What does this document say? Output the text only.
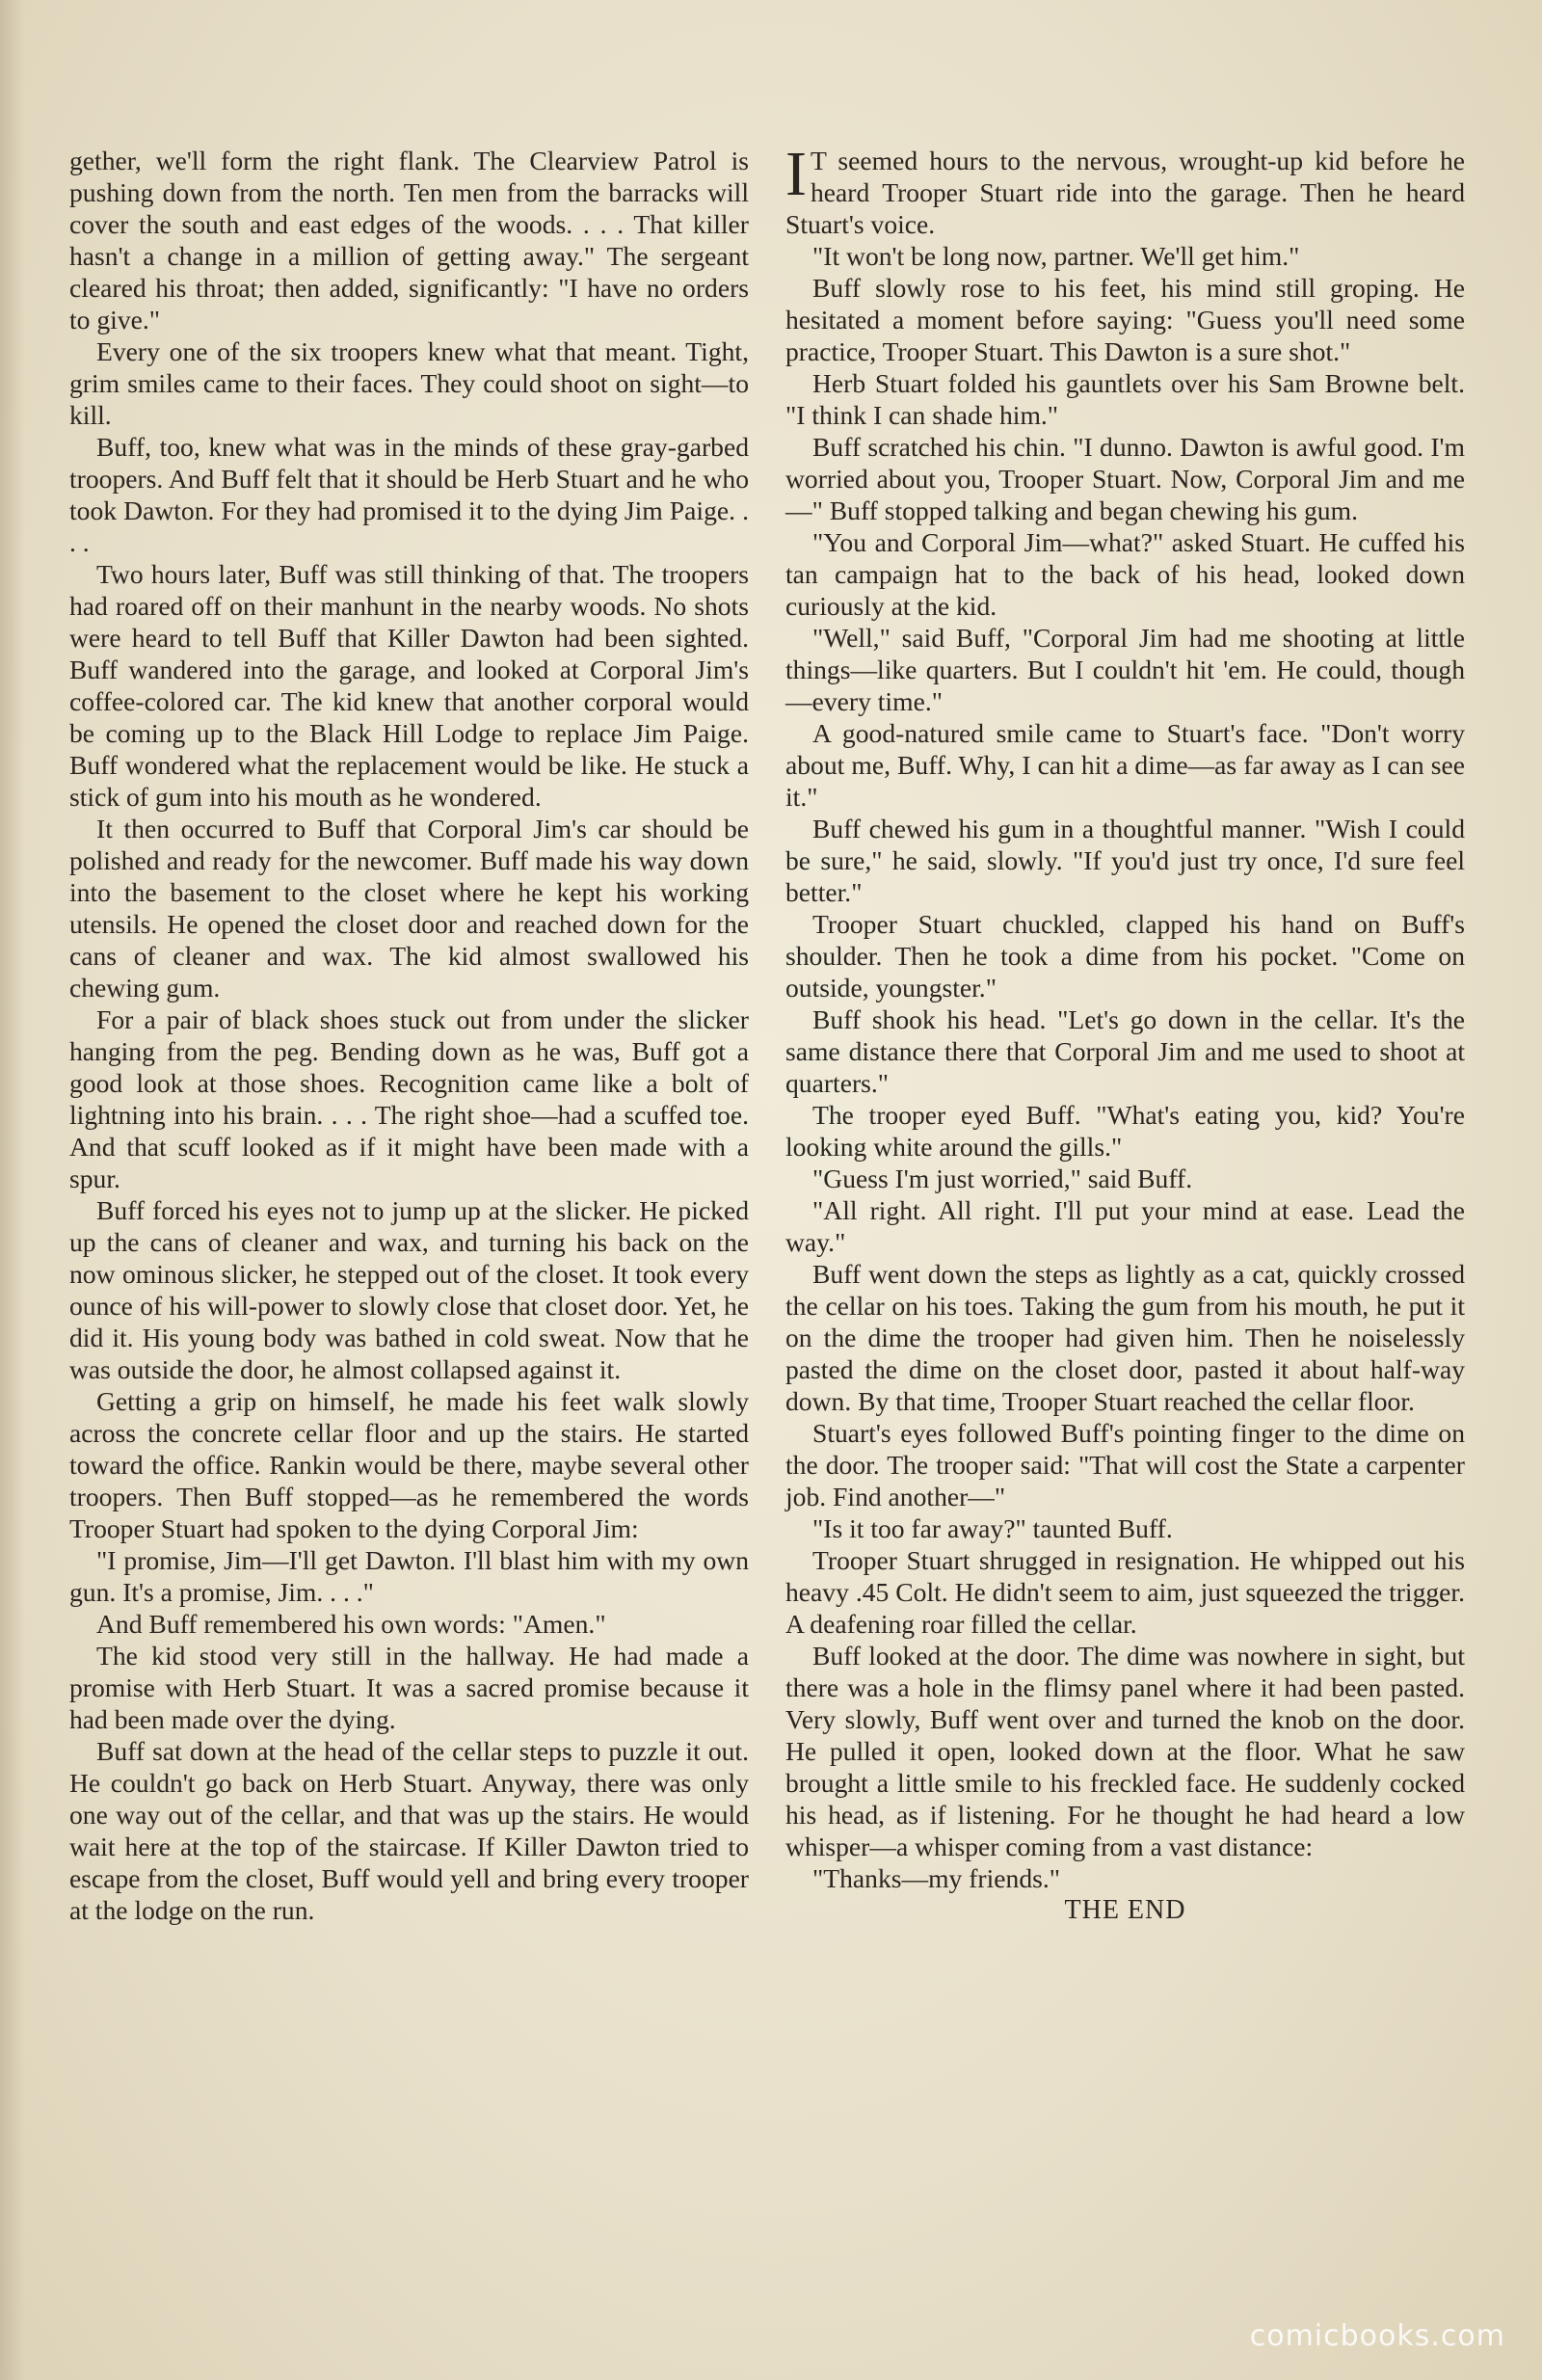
gether, we'll form the right flank. The Clearview Patrol is pushing down from the north. Ten men from the barracks will cover the south and east edges of the woods. . . . That killer hasn't a change in a million of getting away." The sergeant cleared his throat; then added, significantly: "I have no orders to give."

Every one of the six troopers knew what that meant. Tight, grim smiles came to their faces. They could shoot on sight—to kill.

Buff, too, knew what was in the minds of these gray-garbed troopers. And Buff felt that it should be Herb Stuart and he who took Dawton. For they had promised it to the dying Jim Paige. . . .

Two hours later, Buff was still thinking of that. The troopers had roared off on their manhunt in the nearby woods. No shots were heard to tell Buff that Killer Dawton had been sighted. Buff wandered into the garage, and looked at Corporal Jim's coffee-colored car. The kid knew that another corporal would be coming up to the Black Hill Lodge to replace Jim Paige. Buff wondered what the replacement would be like. He stuck a stick of gum into his mouth as he wondered.

It then occurred to Buff that Corporal Jim's car should be polished and ready for the newcomer. Buff made his way down into the basement to the closet where he kept his working utensils. He opened the closet door and reached down for the cans of cleaner and wax. The kid almost swallowed his chewing gum.

For a pair of black shoes stuck out from under the slicker hanging from the peg. Bending down as he was, Buff got a good look at those shoes. Recognition came like a bolt of lightning into his brain. . . . The right shoe—had a scuffed toe. And that scuff looked as if it might have been made with a spur.

Buff forced his eyes not to jump up at the slicker. He picked up the cans of cleaner and wax, and turning his back on the now ominous slicker, he stepped out of the closet. It took every ounce of his will-power to slowly close that closet door. Yet, he did it. His young body was bathed in cold sweat. Now that he was outside the door, he almost collapsed against it.

Getting a grip on himself, he made his feet walk slowly across the concrete cellar floor and up the stairs. He started toward the office. Rankin would be there, maybe several other troopers. Then Buff stopped—as he remembered the words Trooper Stuart had spoken to the dying Corporal Jim:

"I promise, Jim—I'll get Dawton. I'll blast him with my own gun. It's a promise, Jim. . . ."

And Buff remembered his own words: "Amen."

The kid stood very still in the hallway. He had made a promise with Herb Stuart. It was a sacred promise because it had been made over the dying.

Buff sat down at the head of the cellar steps to puzzle it out. He couldn't go back on Herb Stuart. Anyway, there was only one way out of the cellar, and that was up the stairs. He would wait here at the top of the staircase. If Killer Dawton tried to escape from the closet, Buff would yell and bring every trooper at the lodge on the run.

I T seemed hours to the nervous, wrought-up kid before he heard Trooper Stuart ride into the garage. Then he heard Stuart's voice.

"It won't be long now, partner. We'll get him."

Buff slowly rose to his feet, his mind still groping. He hesitated a moment before saying: "Guess you'll need some practice, Trooper Stuart. This Dawton is a sure shot."

Herb Stuart folded his gauntlets over his Sam Browne belt. "I think I can shade him."

Buff scratched his chin. "I dunno. Dawton is awful good. I'm worried about you, Trooper Stuart. Now, Corporal Jim and me—" Buff stopped talking and began chewing his gum.

"You and Corporal Jim—what?" asked Stuart. He cuffed his tan campaign hat to the back of his head, looked down curiously at the kid.

"Well," said Buff, "Corporal Jim had me shooting at little things—like quarters. But I couldn't hit 'em. He could, though—every time."

A good-natured smile came to Stuart's face. "Don't worry about me, Buff. Why, I can hit a dime—as far away as I can see it."

Buff chewed his gum in a thoughtful manner. "Wish I could be sure," he said, slowly. "If you'd just try once, I'd sure feel better."

Trooper Stuart chuckled, clapped his hand on Buff's shoulder. Then he took a dime from his pocket. "Come on outside, youngster."

Buff shook his head. "Let's go down in the cellar. It's the same distance there that Corporal Jim and me used to shoot at quarters."

The trooper eyed Buff. "What's eating you, kid? You're looking white around the gills."

"Guess I'm just worried," said Buff.

"All right. All right. I'll put your mind at ease. Lead the way."

Buff went down the steps as lightly as a cat, quickly crossed the cellar on his toes. Taking the gum from his mouth, he put it on the dime the trooper had given him. Then he noiselessly pasted the dime on the closet door, pasted it about half-way down. By that time, Trooper Stuart reached the cellar floor.

Stuart's eyes followed Buff's pointing finger to the dime on the door. The trooper said: "That will cost the State a carpenter job. Find another—"

"Is it too far away?" taunted Buff.

Trooper Stuart shrugged in resignation. He whipped out his heavy .45 Colt. He didn't seem to aim, just squeezed the trigger. A deafening roar filled the cellar.

Buff looked at the door. The dime was nowhere in sight, but there was a hole in the flimsy panel where it had been pasted. Very slowly, Buff went over and turned the knob on the door. He pulled it open, looked down at the floor. What he saw brought a little smile to his freckled face. He suddenly cocked his head, as if listening. For he thought he had heard a low whisper—a whisper coming from a vast distance:

"Thanks—my friends."

THE END

comicbooks.com
